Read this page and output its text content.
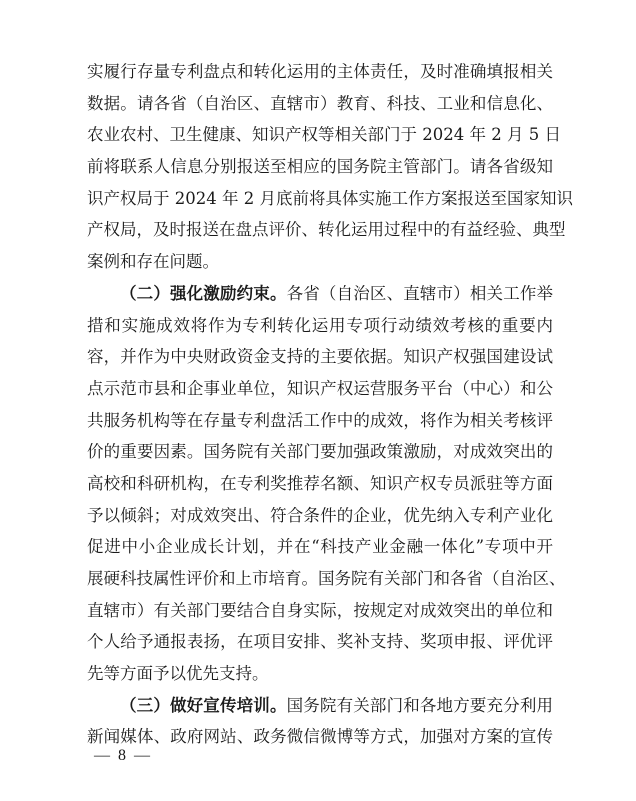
实履行存量专利盘点和转化运用的主体责任，及时准确填报相关
数据。请各省（自治区、直辖市）教育、科技、工业和信息化、
农业农村、卫生健康、知识产权等相关部门于 2024 年 2 月 5 日
前将联系人信息分别报送至相应的国务院主管部门。请各省级知
识产权局于 2024 年 2 月底前将具体实施工作方案报送至国家知识
产权局，及时报送在盘点评价、转化运用过程中的有益经验、典型
案例和存在问题。
（二）强化激励约束。各省（自治区、直辖市）相关工作举
措和实施成效将作为专利转化运用专项行动绩效考核的重要内
容，并作为中央财政资金支持的主要依据。知识产权强国建设试
点示范市县和企事业单位，知识产权运营服务平台（中心）和公
共服务机构等在存量专利盘活工作中的成效，将作为相关考核评
价的重要因素。国务院有关部门要加强政策激励，对成效突出的
高校和科研机构，在专利奖推荐名额、知识产权专员派驻等方面
予以倾斜；对成效突出、符合条件的企业，优先纳入专利产业化
促进中小企业成长计划，并在“科技产业金融一体化”专项中开
展硬科技属性评价和上市培育。国务院有关部门和各省（自治区、
直辖市）有关部门要结合自身实际，按规定对成效突出的单位和
个人给予通报表扬，在项目安排、奖补支持、奖项申报、评优评
先等方面予以优先支持。
（三）做好宣传培训。国务院有关部门和各地方要充分利用
新闻媒体、政府网站、政务微信微博等方式，加强对方案的宣传
— 8 —
